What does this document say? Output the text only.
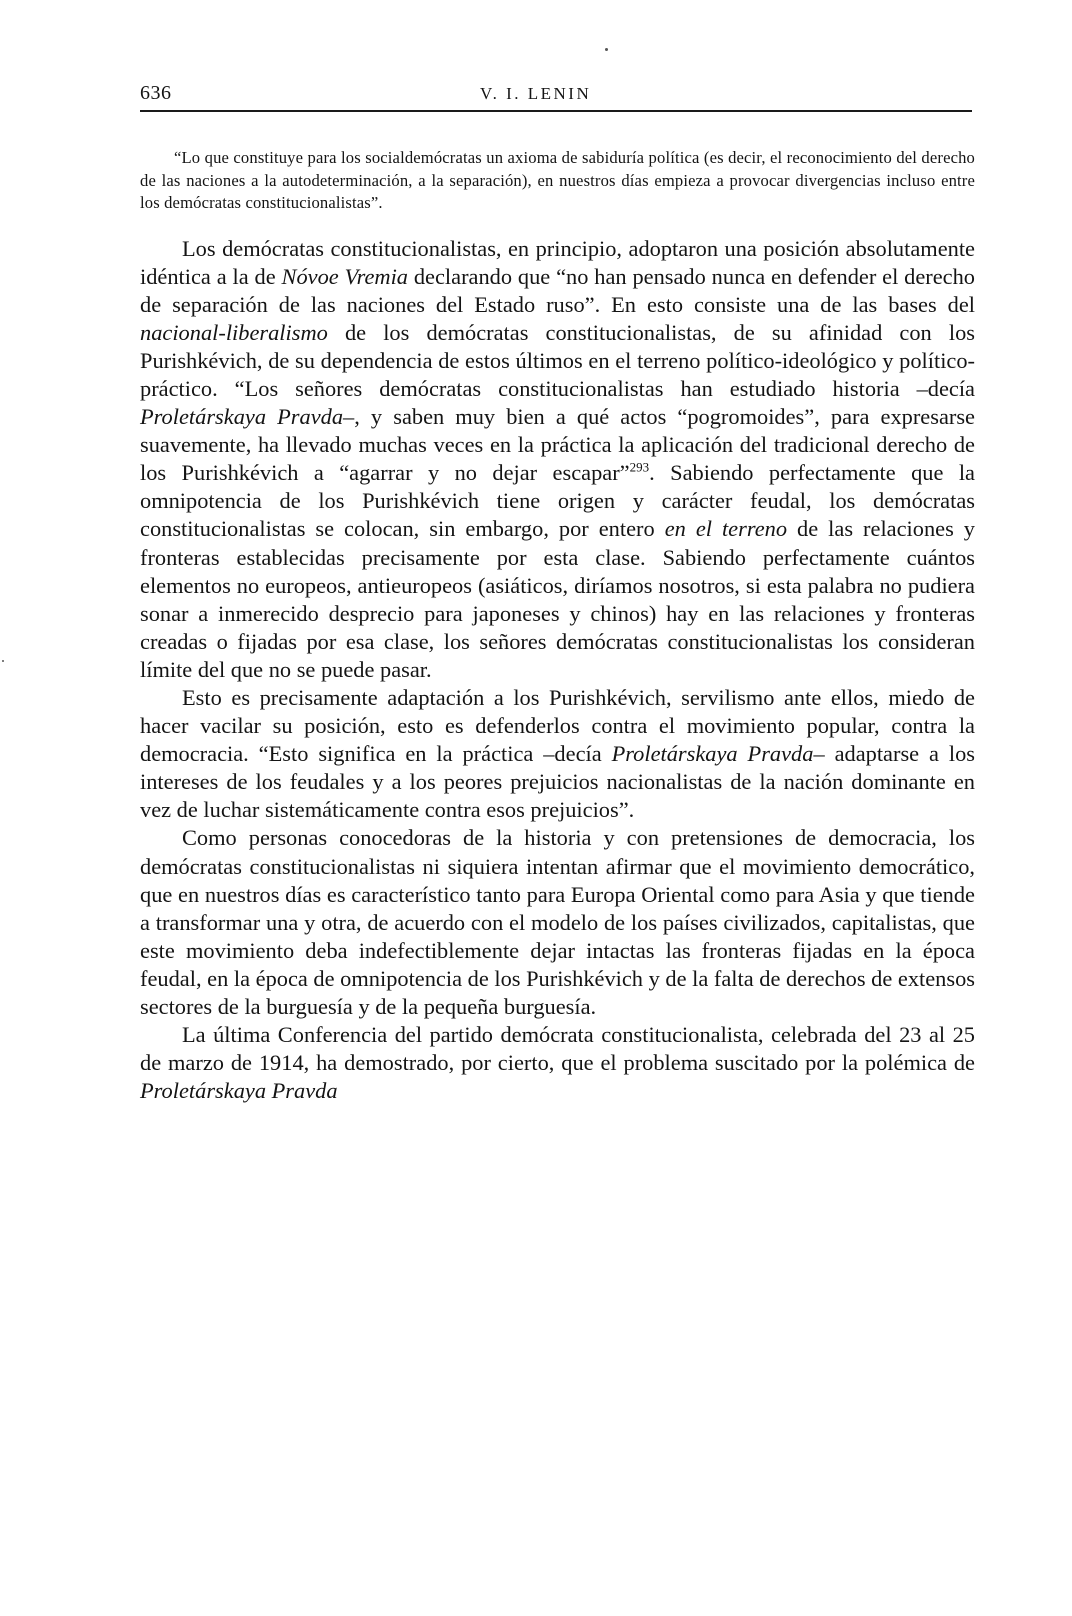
636	V. I. LENIN

“Lo que constituye para los socialdemócratas un axioma de sabiduría política (es decir, el reconocimiento del derecho de las naciones a la autodeterminación, a la separación), en nuestros días empieza a provocar divergencias incluso entre los demócratas constitucionalistas”.

Los demócratas constitucionalistas, en principio, adoptaron una posición absolutamente idéntica a la de Nóvoe Vremia declarando que “no han pensado nunca en defender el derecho de separación de las naciones del Estado ruso”. En esto consiste una de las bases del nacional-liberalismo de los demócratas constitucionalistas, de su afinidad con los Purishkévich, de su dependencia de estos últimos en el terreno político-ideológico y político-práctico. “Los señores demócratas constitucionalistas han estudiado historia –decía Proletárskaya Pravda–, y saben muy bien a qué actos “pogromoides”, para expresarse suavemente, ha llevado muchas veces en la práctica la aplicación del tradicional derecho de los Purishkévich a “agarrar y no dejar escapar”$^{293}$. Sabiendo perfectamente que la omnipotencia de los Purishkévich tiene origen y carácter feudal, los demócratas constitucionalistas se colocan, sin embargo, por entero en el terreno de las relaciones y fronteras establecidas precisamente por esta clase. Sabiendo perfectamente cuántos elementos no europeos, antieuropeos (asiáticos, diríamos nosotros, si esta palabra no pudiera sonar a inmerecido desprecio para japoneses y chinos) hay en las relaciones y fronteras creadas o fijadas por esa clase, los señores demócratas constitucionalistas los consideran límite del que no se puede pasar.

Esto es precisamente adaptación a los Purishkévich, servilismo ante ellos, miedo de hacer vacilar su posición, esto es defenderlos contra el movimiento popular, contra la democracia. “Esto significa en la práctica –decía Proletárskaya Pravda– adaptarse a los intereses de los feudales y a los peores prejuicios nacionalistas de la nación dominante en vez de luchar sistemáticamente contra esos prejuicios”.

Como personas conocedoras de la historia y con pretensiones de democracia, los demócratas constitucionalistas ni siquiera intentan afirmar que el movimiento democrático, que en nuestros días es característico tanto para Europa Oriental como para Asia y que tiende a transformar una y otra, de acuerdo con el modelo de los países civilizados, capitalistas, que este movimiento deba indefectiblemente dejar intactas las fronteras fijadas en la época feudal, en la época de omnipotencia de los Purishkévich y de la falta de derechos de extensos sectores de la burguesía y de la pequeña burguesía.

La última Conferencia del partido demócrata constitucionalista, celebrada del 23 al 25 de marzo de 1914, ha demostrado, por cierto, que el problema suscitado por la polémica de Proletárskaya Pravda
